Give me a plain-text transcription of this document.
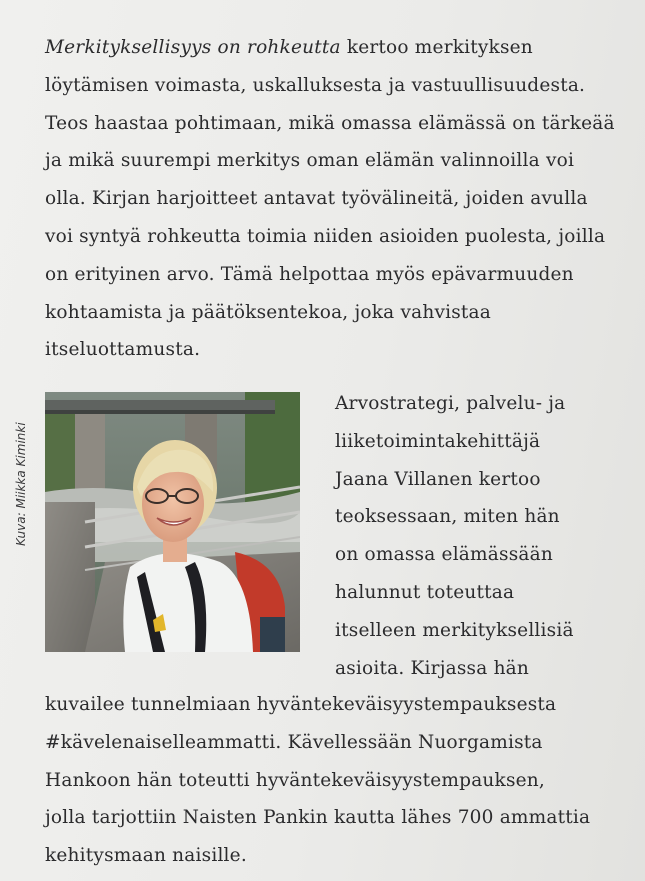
Merkityksellisyys on rohkeutta kertoo merkityksen
löytämisen voimasta, uskalluksesta ja vastuullisuudesta.
Teos haastaa pohtimaan, mikä omassa elämässä on tärkeää
ja mikä suurempi merkitys oman elämän valinnoilla voi
olla. Kirjan harjoitteet antavat työvälineitä, joiden avulla
voi syntyä rohkeutta toimia niiden asioiden puolesta, joilla
on erityinen arvo. Tämä helpottaa myös epävarmuuden
kohtaamista ja päätöksentekoa, joka vahvistaa
itseluottamusta.
Kuva: Miikka Kiminki
Arvostrategi, palvelu- ja
liiketoimintakehittäjä
Jaana Villanen kertoo
teoksessaan, miten hän
on omassa elämässään
halunnut toteuttaa
itselleen merkityksellisiä
asioita. Kirjassa hän
kuvailee tunnelmiaan hyväntekeväisyystempauksesta
#kävelenaiselleammatti. Kävellessään Nuorgamista
Hankoon hän toteutti hyväntekeväisyystempauksen,
jolla tarjottiin Naisten Pankin kautta lähes 700 ammattia
kehitysmaan naisille.
